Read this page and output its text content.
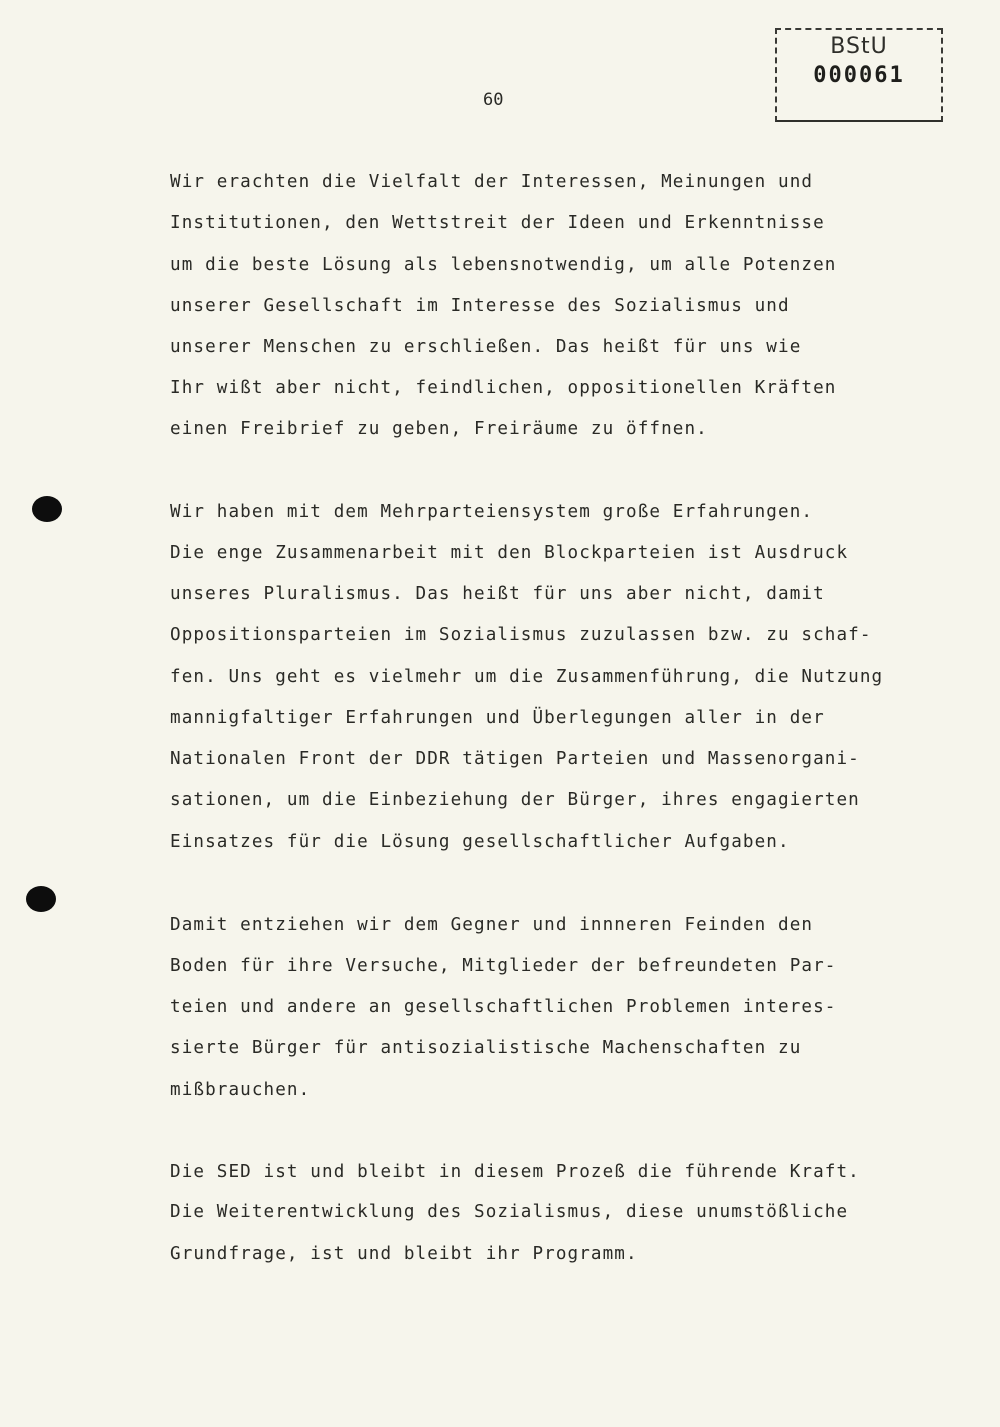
BStU
000061
60
Wir erachten die Vielfalt der Interessen, Meinungen und
Institutionen, den Wettstreit der Ideen und Erkenntnisse
um die beste Lösung als lebensnotwendig, um alle Potenzen
unserer Gesellschaft im Interesse des Sozialismus und
unserer Menschen zu erschließen. Das heißt für uns wie
Ihr wißt aber nicht, feindlichen, oppositionellen Kräften
einen Freibrief zu geben, Freiräume zu öffnen.
Wir haben mit dem Mehrparteiensystem große Erfahrungen.
Die enge Zusammenarbeit mit den Blockparteien ist Ausdruck
unseres Pluralismus. Das heißt für uns aber nicht, damit
Oppositionsparteien im Sozialismus zuzulassen bzw. zu schaf-
fen. Uns geht es vielmehr um die Zusammenführung, die Nutzung
mannigfaltiger Erfahrungen und Überlegungen aller in der
Nationalen Front der DDR tätigen Parteien und Massenorgani-
sationen, um die Einbeziehung der Bürger, ihres engagierten
Einsatzes für die Lösung gesellschaftlicher Aufgaben.
Damit entziehen wir dem Gegner und innneren Feinden den
Boden für ihre Versuche, Mitglieder der befreundeten Par-
teien und andere an gesellschaftlichen Problemen interes-
sierte Bürger für antisozialistische Machenschaften zu
mißbrauchen.
Die SED ist und bleibt in diesem Prozeß die führende Kraft.
Die Weiterentwicklung des Sozialismus, diese unumstößliche
Grundfrage, ist und bleibt ihr Programm.
